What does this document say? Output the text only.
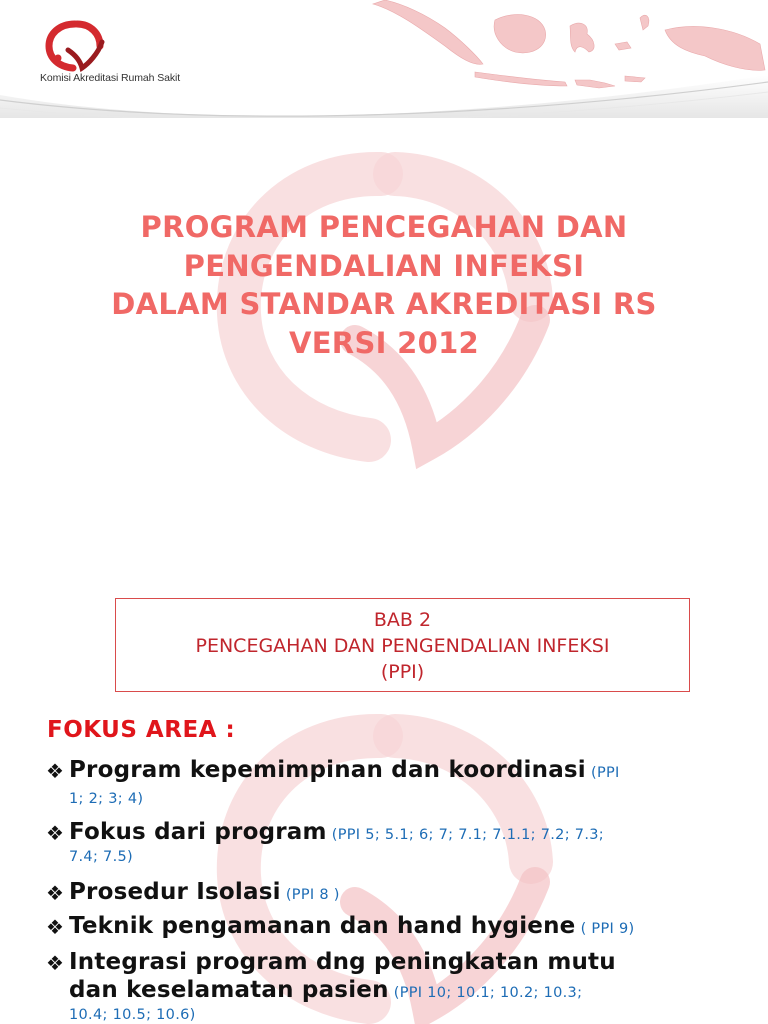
Komisi Akreditasi Rumah Sakit
PROGRAM PENCEGAHAN DAN
PENGENDALIAN INFEKSI
DALAM STANDAR AKREDITASI RS
VERSI 2012
BAB 2
PENCEGAHAN DAN PENGENDALIAN INFEKSI
(PPI)
FOKUS AREA :
❖ Program kepemimpinan dan koordinasi (PPI
1; 2; 3; 4)
❖ Fokus dari program (PPI 5; 5.1; 6; 7; 7.1; 7.1.1; 7.2; 7.3;
7.4; 7.5)
❖ Prosedur Isolasi (PPI 8 )
❖ Teknik pengamanan dan hand hygiene ( PPI 9)
❖ Integrasi program dng peningkatan mutu
dan keselamatan pasien (PPI 10; 10.1; 10.2; 10.3;
10.4; 10.5; 10.6)
